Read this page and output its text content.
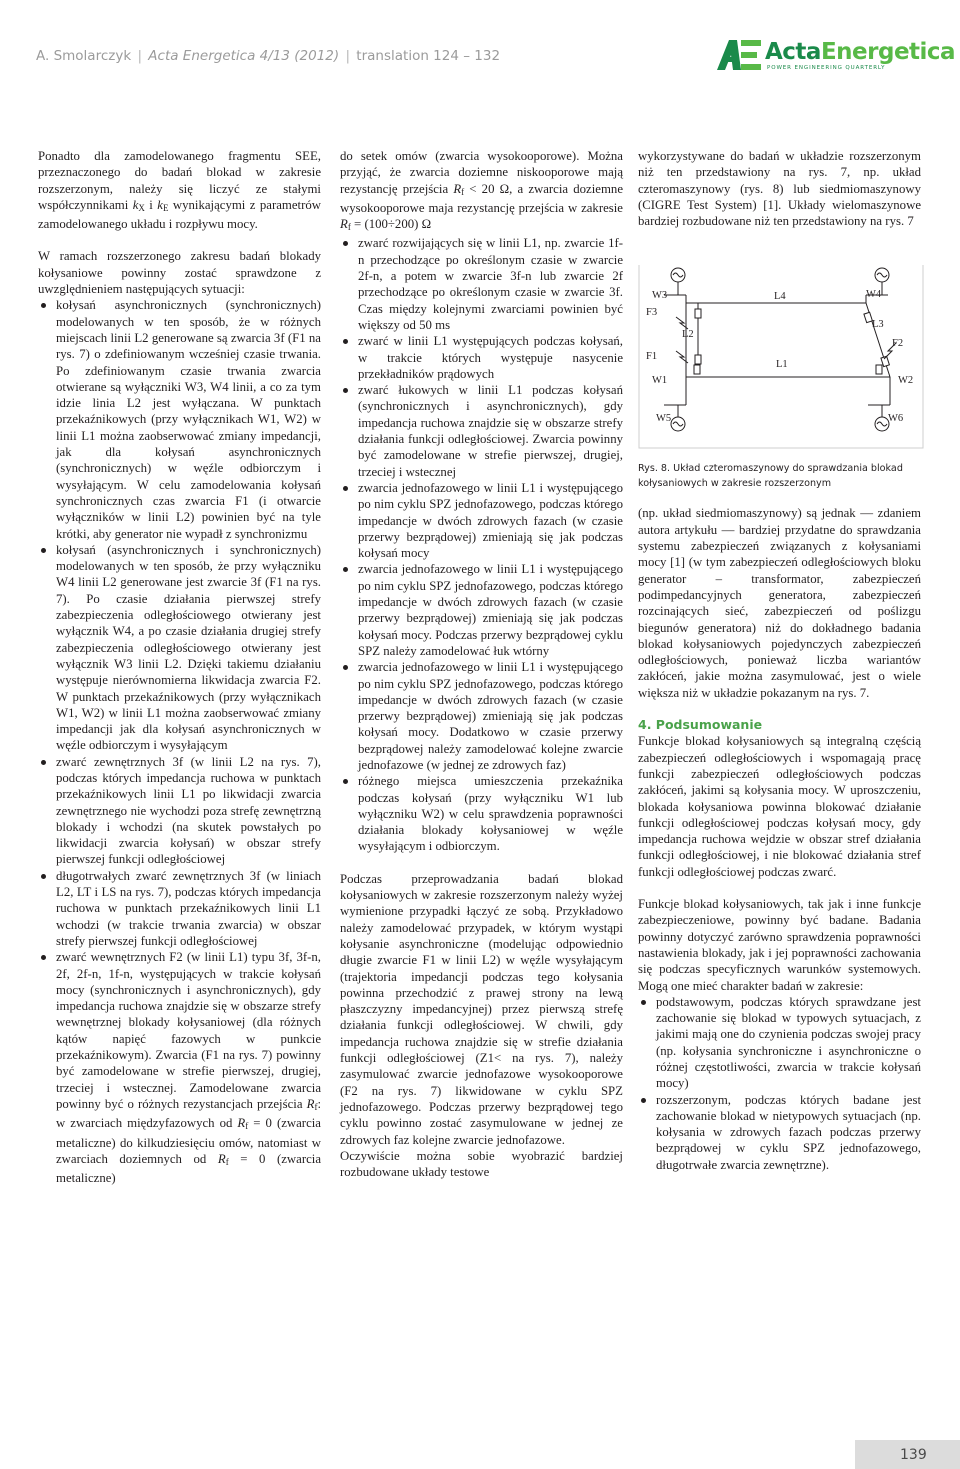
A. Smolarczyk | Acta Energetica 4/13 (2012) | translation 124 – 132	ActaEnergetica
POWER ENGINEERING QUARTERLY

Ponadto dla zamodelowanego fragmentu SEE, przeznaczonego do badań blokad w zakresie rozszerzonym, należy się liczyć ze stałymi współczynnikami $k_X$ i $k_E$ wynikającymi z parametrów zamodelowanego układu i rozpływu mocy.

W ramach rozszerzonego zakresu badań blokady kołysaniowe powinny zostać sprawdzone z uwzględnieniem następujących sytuacji:

kołysań asynchronicznych (synchronicznych) modelowanych w ten sposób, że w różnych miejscach linii L2 generowane są zwarcia 3f (F1 na rys. 7) o zdefiniowanym wcześniej czasie trwania. Po zdefiniowanym czasie trwania zwarcia otwierane są wyłączniki W3, W4 linii, a co za tym idzie linia L2 jest wyłączana. W punktach przekaźnikowych (przy wyłącznikach W1, W2) w linii L1 można zaobserwować zmiany impedancji, jak dla kołysań asynchronicznych (synchronicznych) w węźle odbiorczym i wysyłającym. W celu zamodelowania kołysań synchronicznych czas zwarcia F1 (i otwarcie wyłączników w linii L2) powinien być na tyle krótki, aby generator nie wypadł z synchronizmu
kołysań (asynchronicznych i synchronicznych) modelowanych w ten sposób, że przy wyłączniku W4 linii L2 generowane jest zwarcie 3f (F1 na rys. 7). Po czasie działania pierwszej strefy zabezpieczenia odległościowego otwierany jest wyłącznik W4, a po czasie działania drugiej strefy zabezpieczenia odległościowego otwierany jest wyłącznik W3 linii L2. Dzięki takiemu działaniu występuje nierównomierna likwidacja zwarcia F2. W punktach przekaźnikowych (przy wyłącznikach W1, W2) w linii L1 można zaobserwować zmiany impedancji jak dla kołysań asynchronicznych w węźle odbiorczym i wysyłającym
zwarć zewnętrznych 3f (w linii L2 na rys. 7), podczas których impedancja ruchowa w punktach przekaźnikowych linii L1 po likwidacji zwarcia zewnętrznego nie wychodzi poza strefę zewnętrzną blokady i wchodzi (na skutek powstałych po likwidacji zwarcia kołysań) w obszar strefy pierwszej funkcji odległościowej
długotrwałych zwarć zewnętrznych 3f (w liniach L2, LT i LS na rys. 7), podczas których impedancja ruchowa w punktach przekaźnikowych linii L1 wchodzi (w trakcie trwania zwarcia) w obszar strefy pierwszej funkcji odległościowej
zwarć wewnętrznych F2 (w linii L1) typu 3f, 3f-n, 2f, 2f-n, 1f-n, występujących w trakcie kołysań mocy (synchronicznych i asynchronicznych), gdy impedancja ruchowa znajdzie się w obszarze strefy wewnętrznej blokady kołysaniowej (dla różnych kątów napięć fazowych w punkcie przekaźnikowym). Zwarcia (F1 na rys. 7) powinny być zamodelowane w strefie pierwszej, drugiej, trzeciej i wstecznej. Zamodelowane zwarcia powinny być o różnych rezystancjach przejścia $R_f$: w zwarciach międzyfazowych od $R_f = 0$ (zwarcia metaliczne) do kilkudziesięciu omów, natomiast w zwarciach doziemnych od $R_f = 0$ (zwarcia metaliczne)

do setek omów (zwarcia wysokooporowe). Można przyjąć, że zwarcia doziemne niskooporowe mają rezystancję przejścia $R_f < 20$ Ω, a zwarcia doziemne wysokooporowe maja rezystancję przejścia w zakresie $R_f = (100\div 200)$ Ω

zwarć rozwijających się w linii L1, np. zwarcie 1f-n przechodzące po określonym czasie w zwarcie 2f-n, a potem w zwarcie 3f-n lub zwarcie 2f przechodzące po określonym czasie w zwarcie 3f. Czas między kolejnymi zwarciami powinien być większy od 50 ms
zwarć w linii L1 występujących podczas kołysań, w trakcie których występuje nasycenie przekładników prądowych
zwarć łukowych w linii L1 podczas kołysań (synchronicznych i asynchronicznych), gdy impedancja ruchowa znajdzie się w obszarze strefy działania funkcji odległościowej. Zwarcia powinny być zamodelowane w strefie pierwszej, drugiej, trzeciej i wstecznej
zwarcia jednofazowego w linii L1 i występującego po nim cyklu SPZ jednofazowego, podczas którego impedancje w dwóch zdrowych fazach (w czasie przerwy bezprądowej) zmieniają się jak podczas kołysań mocy
zwarcia jednofazowego w linii L1 i występującego po nim cyklu SPZ jednofazowego, podczas którego impedancje w dwóch zdrowych fazach (w czasie przerwy bezprądowej) zmieniają się jak podczas kołysań mocy. Podczas przerwy bezprądowej cyklu SPZ należy zamodelować łuk wtórny
zwarcia jednofazowego w linii L1 i występującego po nim cyklu SPZ jednofazowego, podczas którego impedancje w dwóch zdrowych fazach (w czasie przerwy bezprądowej) zmieniają się jak podczas kołysań mocy. Dodatkowo w czasie przerwy bezprądowej należy zamodelować kolejne zwarcie jednofazowe (w jednej ze zdrowych faz)
różnego miejsca umieszczenia przekaźnika podczas kołysań (przy wyłączniku W1 lub wyłączniku W2) w celu sprawdzenia poprawności działania blokady kołysaniowej w węźle wysyłającym i odbiorczym.

Podczas przeprowadzania badań blokad kołysaniowych w zakresie rozszerzonym należy wyżej wymienione przypadki łączyć ze sobą. Przykładowo należy zamodelować przypadek, w którym wystąpi kołysanie asynchroniczne (modelując odpowiednio długie zwarcie F1 w linii L2) w węźle wysyłającym (trajektoria impedancji podczas tego kołysania powinna przechodzić z prawej strony na lewą płaszczyzny impedancyjnej) przez pierwszą strefę działania funkcji odległościowej. W chwili, gdy impedancja ruchowa znajdzie się w strefie działania funkcji odległościowej (Z1< na rys. 7), należy zasymulować zwarcie jednofazowe wysokooporowe (F2 na rys. 7) likwidowane w cyklu SPZ jednofazowego. Podczas przerwy bezprądowej tego cyklu powinno zostać zasymulowane w jednej ze zdrowych faz kolejne zwarcie jednofazowe.

Oczywiście można sobie wyobrazić bardziej rozbudowane układy testowe

wykorzystywane do badań w układzie rozszerzonym niż ten przedstawiony na rys. 7, np. układ czteromaszynowy (rys. 8) lub siedmiomaszynowy (CIGRE Test System) [1]. Układy wielomaszynowe bardziej rozbudowane niż ten przedstawiony na rys. 7

W3
F3
L2
L4	W4
L3
F2
F1
L1
W1	W2
W5	W6
Rys. 8. Układ czteromaszynowy do sprawdzania blokad kołysaniowych w zakresie rozszerzonym

(np. układ siedmiomaszynowy) są jednak — zdaniem autora artykułu — bardziej przydatne do sprawdzania systemu zabezpieczeń związanych z kołysaniami mocy [1] (w tym zabezpieczeń odległościowych bloku generator – transformator, zabezpieczeń podimpedancyjnych generatora, zabezpieczeń rozcinających sieć, zabezpieczeń od poślizgu biegunów generatora) niż do dokładnego badania blokad kołysaniowych pojedynczych zabezpieczeń odległościowych, ponieważ liczba wariantów zakłóceń, jakie można zasymulować, jest o wiele większa niż w układzie pokazanym na rys. 7.

4. Podsumowanie

Funkcje blokad kołysaniowych są integralną częścią zabezpieczeń odległościowych i wspomagają pracę funkcji zabezpieczeń odległościowych podczas zakłóceń, jakimi są kołysania mocy. W uproszczeniu, blokada kołysaniowa powinna blokować działanie funkcji odległościowej podczas kołysań mocy, gdy impedancja ruchowa wejdzie w obszar stref działania funkcji odległościowej, i nie blokować działania stref funkcji odległościowej podczas zwarć.

Funkcje blokad kołysaniowych, tak jak i inne funkcje zabezpieczeniowe, powinny być badane. Badania powinny dotyczyć zarówno sprawdzenia poprawności nastawienia blokady, jak i jej poprawności zachowania się podczas specyficznych warunków systemowych. Mogą one mieć charakter badań w zakresie:

podstawowym, podczas których sprawdzane jest zachowanie się blokad w typowych sytuacjach, z jakimi mają one do czynienia podczas swojej pracy (np. kołysania synchroniczne i asynchroniczne o różnej częstotliwości, zwarcia w trakcie kołysań mocy)
rozszerzonym, podczas których badane jest zachowanie blokad w nietypowych sytuacjach (np. kołysania w zdrowych fazach podczas przerwy bezprądowej w cyklu SPZ jednofazowego, długotrwałe zwarcia zewnętrzne).
139
